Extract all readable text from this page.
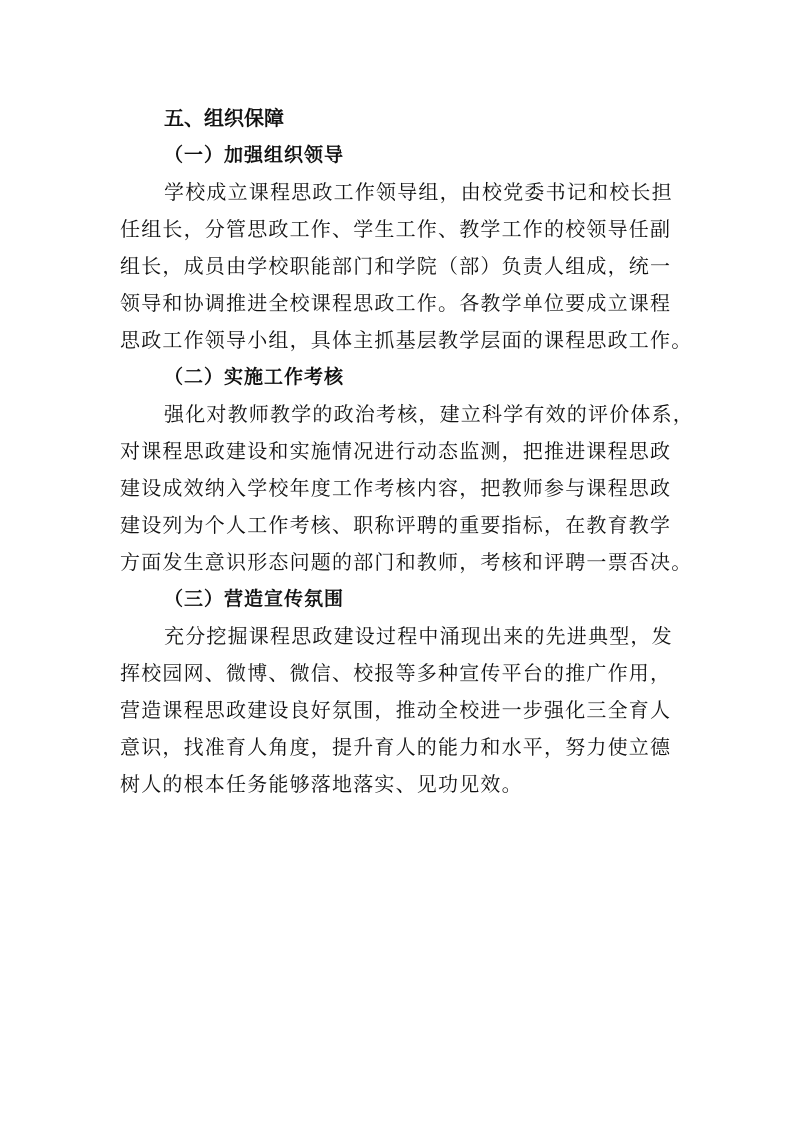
五、组织保障
（一）加强组织领导

学校成立课程思政工作领导组，由校党委书记和校长担
任组长，分管思政工作、学生工作、教学工作的校领导任副
组长，成员由学校职能部门和学院（部）负责人组成，统一
领导和协调推进全校课程思政工作。各教学单位要成立课程
思政工作领导小组，具体主抓基层教学层面的课程思政工作。

（二）实施工作考核

强化对教师教学的政治考核，建立科学有效的评价体系，
对课程思政建设和实施情况进行动态监测，把推进课程思政
建设成效纳入学校年度工作考核内容，把教师参与课程思政
建设列为个人工作考核、职称评聘的重要指标，在教育教学
方面发生意识形态问题的部门和教师，考核和评聘一票否决。

（三）营造宣传氛围

充分挖掘课程思政建设过程中涌现出来的先进典型，发
挥校园网、微博、微信、校报等多种宣传平台的推广作用，
营造课程思政建设良好氛围，推动全校进一步强化三全育人
意识，找准育人角度，提升育人的能力和水平，努力使立德
树人的根本任务能够落地落实、见功见效。
